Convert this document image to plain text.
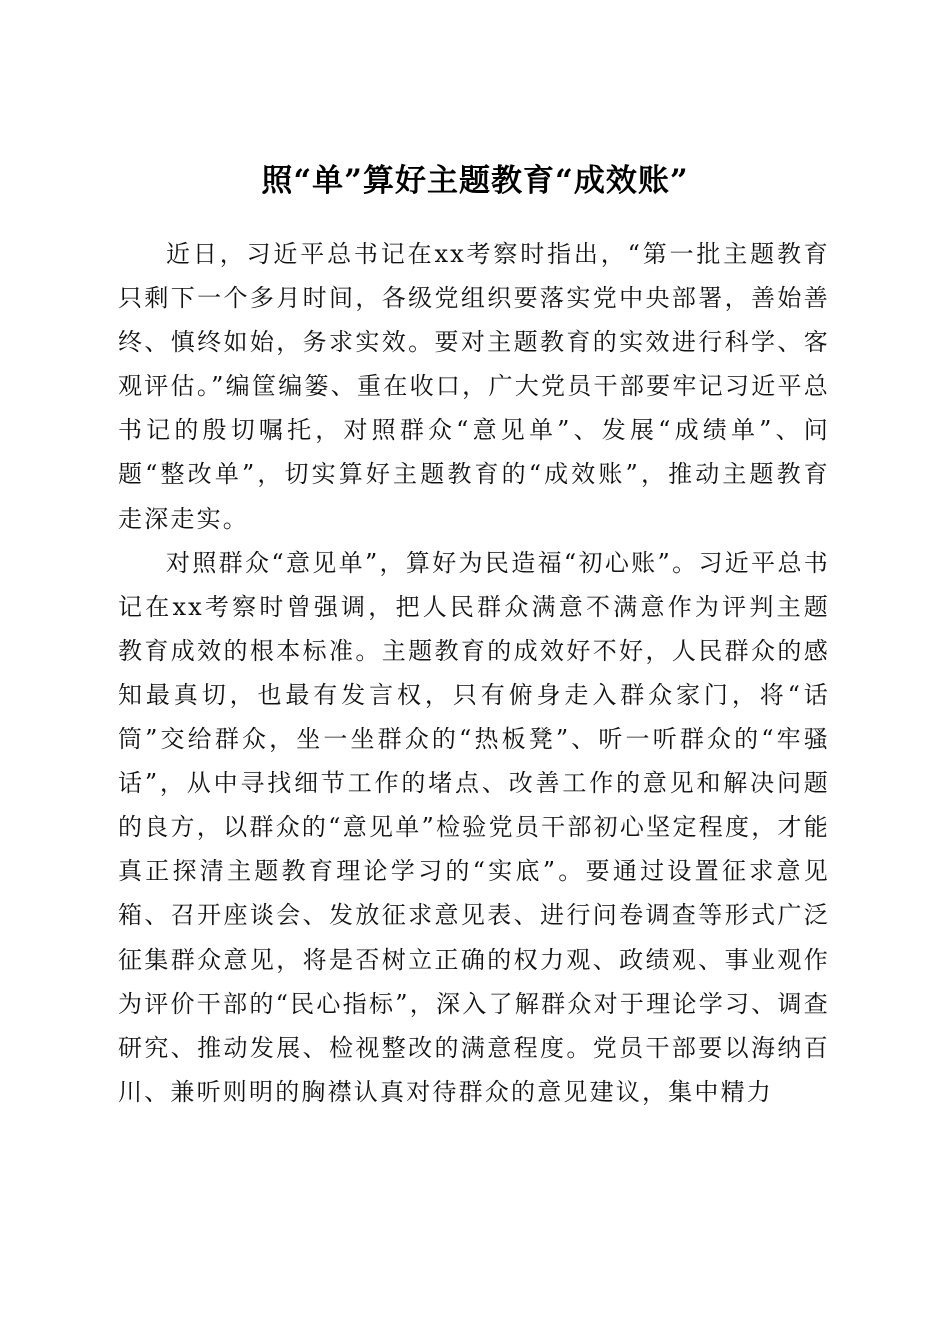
照“单”算好主题教育“成效账”

近日，习近平总书记在xx考察时指出，“第一批主题教育只剩下一个多月时间，各级党组织要落实党中央部署，善始善终、慎终如始，务求实效。要对主题教育的实效进行科学、客观评估。”编筐编篓、重在收口，广大党员干部要牢记习近平总书记的殷切嘱托，对照群众“意见单”、发展“成绩单”、问题“整改单”，切实算好主题教育的“成效账”，推动主题教育走深走实。

对照群众“意见单”，算好为民造福“初心账”。习近平总书记在xx考察时曾强调，把人民群众满意不满意作为评判主题教育成效的根本标准。主题教育的成效好不好，人民群众的感知最真切，也最有发言权，只有俯身走入群众家门，将“话筒”交给群众，坐一坐群众的“热板凳”、听一听群众的“牢骚话”，从中寻找细节工作的堵点、改善工作的意见和解决问题的良方，以群众的“意见单”检验党员干部初心坚定程度，才能真正探清主题教育理论学习的“实底”。要通过设置征求意见箱、召开座谈会、发放征求意见表、进行问卷调查等形式广泛征集群众意见，将是否树立正确的权力观、政绩观、事业观作为评价干部的“民心指标”，深入了解群众对于理论学习、调查研究、推动发展、检视整改的满意程度。党员干部要以海纳百川、兼听则明的胸襟认真对待群众的意见建议，集中精力
